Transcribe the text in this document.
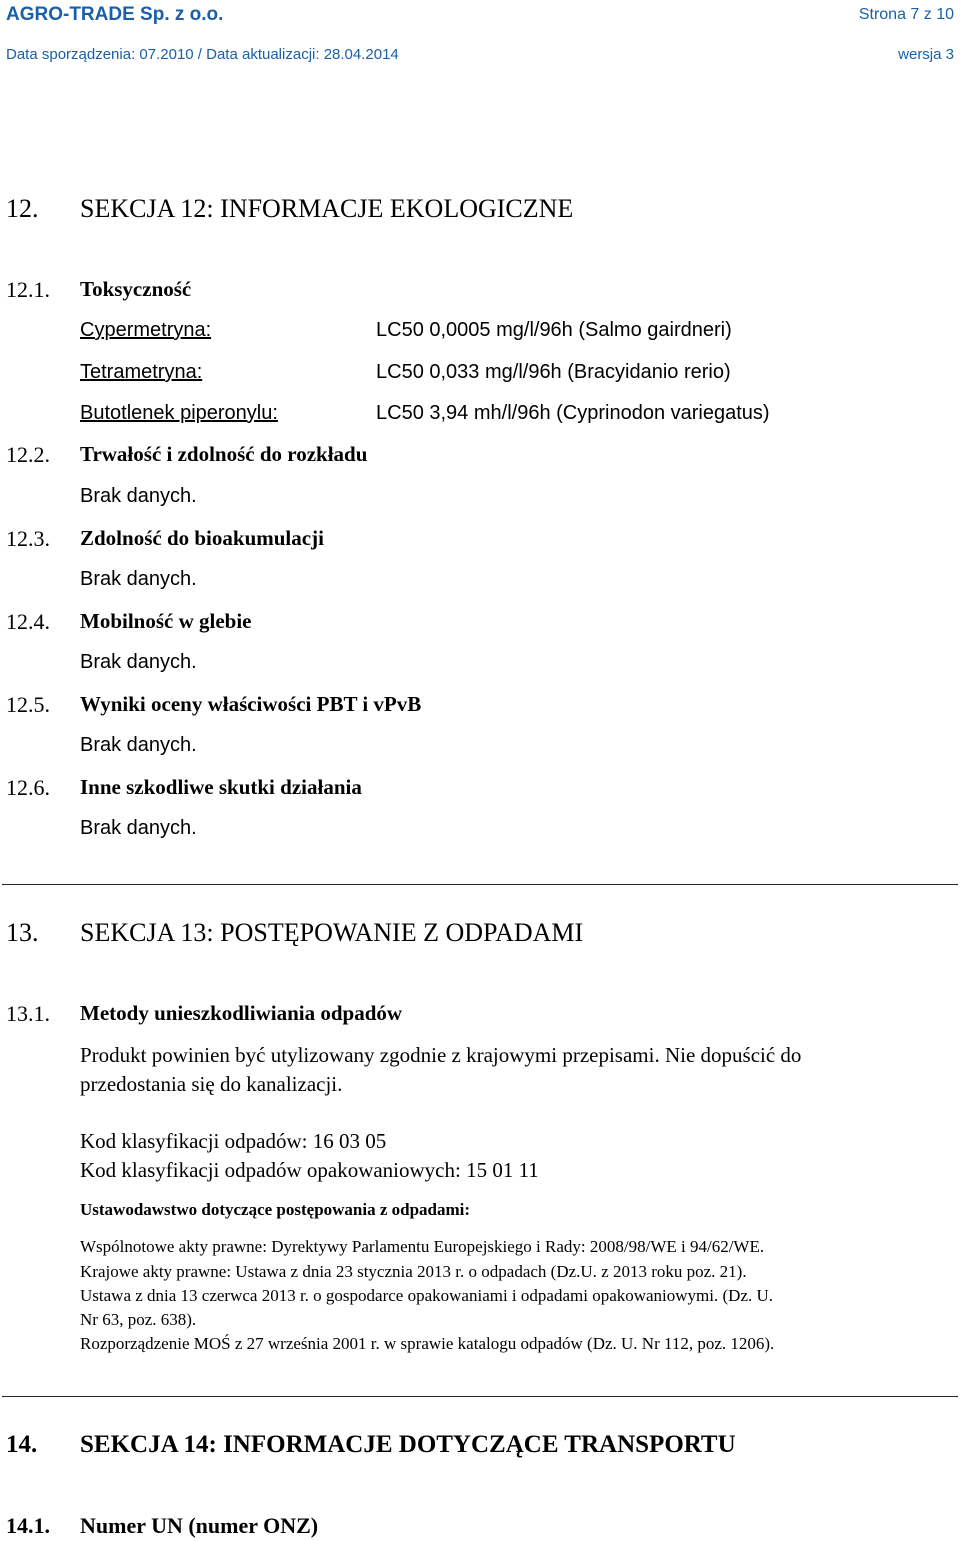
AGRO-TRADE Sp. z o.o.	Strona 7 z 10
Data sporządzenia: 07.2010 / Data aktualizacji: 28.04.2014	wersja 3
12. SEKCJA 12: INFORMACJE EKOLOGICZNE
12.1. Toksyczność
Cypermetryna:	LC50 0,0005 mg/l/96h (Salmo gairdneri)
Tetrametryna:	LC50 0,033 mg/l/96h (Bracyidanio rerio)
Butotlenek piperonylu:	LC50 3,94 mh/l/96h (Cyprinodon variegatus)
12.2. Trwałość i zdolność do rozkładu
Brak danych.
12.3. Zdolność do bioakumulacji
Brak danych.
12.4. Mobilność w glebie
Brak danych.
12.5. Wyniki oceny właściwości PBT i vPvB
Brak danych.
12.6. Inne szkodliwe skutki działania
Brak danych.
13. SEKCJA 13: POSTĘPOWANIE Z ODPADAMI
13.1. Metody unieszkodliwiania odpadów
Produkt powinien być utylizowany zgodnie z krajowymi przepisami. Nie dopuścić do
przedostania się do kanalizacji.
Kod klasyfikacji odpadów: 16 03 05
Kod klasyfikacji odpadów opakowaniowych: 15 01 11
Ustawodawstwo dotyczące postępowania z odpadami:
Wspólnotowe akty prawne: Dyrektywy Parlamentu Europejskiego i Rady: 2008/98/WE i 94/62/WE.
Krajowe akty prawne: Ustawa z dnia 23 stycznia 2013 r. o odpadach (Dz.U. z 2013 roku poz. 21).
Ustawa z dnia 13 czerwca 2013 r. o gospodarce opakowaniami i odpadami opakowaniowymi. (Dz. U.
Nr 63, poz. 638).
Rozporządzenie MOŚ z 27 września 2001 r. w sprawie katalogu odpadów (Dz. U. Nr 112, poz. 1206).
14. SEKCJA 14: INFORMACJE DOTYCZĄCE TRANSPORTU
14.1. Numer UN (numer ONZ)
